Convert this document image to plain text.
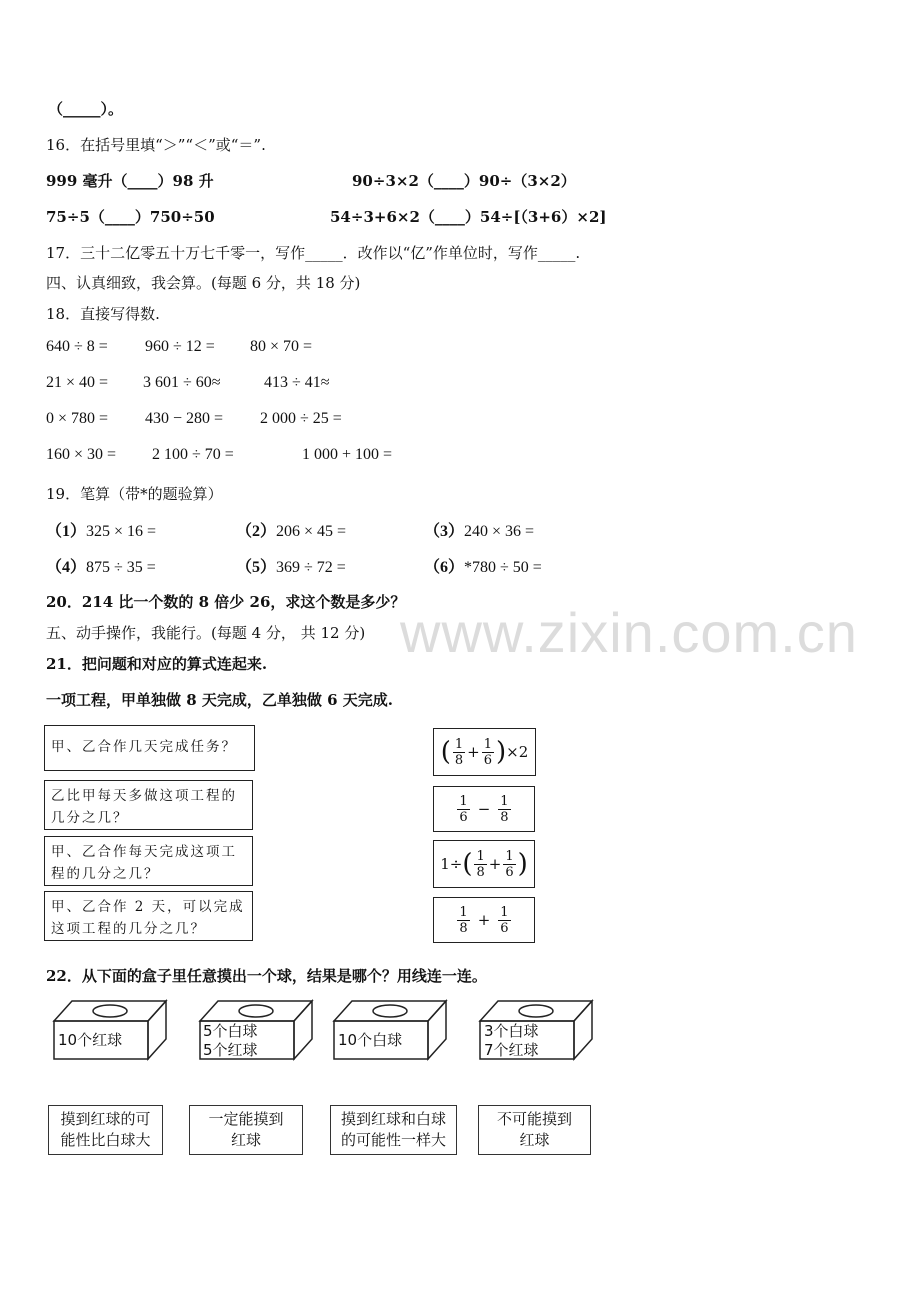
www.zixin.com.cn
（_____）。
16．在括号里填“＞”“＜”或“＝”.
999 毫升（____）98 升	90÷3×2（____）90÷（3×2）
75÷5（____）750÷50	54÷3+6×2（____）54÷[（3+6）×2]
17．三十二亿零五十万七千零一，写作_____．改作以“亿”作单位时，写作_____.
四、认真细致，我会算。(每题 6 分，共 18 分)
18．直接写得数.
640 ÷ 8 = 960 ÷ 12 = 80 × 70 =
21 × 40 = 3 601 ÷ 60≈	413 ÷ 41≈
0 × 780 = 430 − 280 = 2 000 ÷ 25 =
160 × 30 = 2 100 ÷ 70 =	1 000 + 100 =
19．笔算（带*的题验算）
（1）325 × 16 =	（2）206 × 45 =	（3）240 × 36 =
（4）875 ÷ 35 =	（5）369 ÷ 72 =	（6）*780 ÷ 50 =
20．214 比一个数的 8 倍少 26，求这个数是多少？
五、动手操作，我能行。(每题 4 分， 共 12 分)
21．把问题和对应的算式连起来.
一项工程，甲单独做 8 天完成，乙单独做 6 天完成.
甲、乙合作几天完成任务？
乙比甲每天多做这项工程的几分之几？
甲、乙合作每天完成这项工程的几分之几？
甲、乙合作 2 天，可以完成这项工程的几分之几？
( $\frac{1}{8} + \frac{1}{6}$ ) ×2
$\frac{1}{6} - \frac{1}{8}$
1÷ ( $\frac{1}{8} + \frac{1}{6}$ )
$\frac{1}{8} + \frac{1}{6}$
22．从下面的盒子里任意摸出一个球，结果是哪个？用线连一连。
10个红球	5个白球
5个红球
10个白球	3个白球
7个红球
摸到红球的可
能性比白球大
一定能摸到
红球
摸到红球和白球
的可能性一样大
不可能摸到
红球
